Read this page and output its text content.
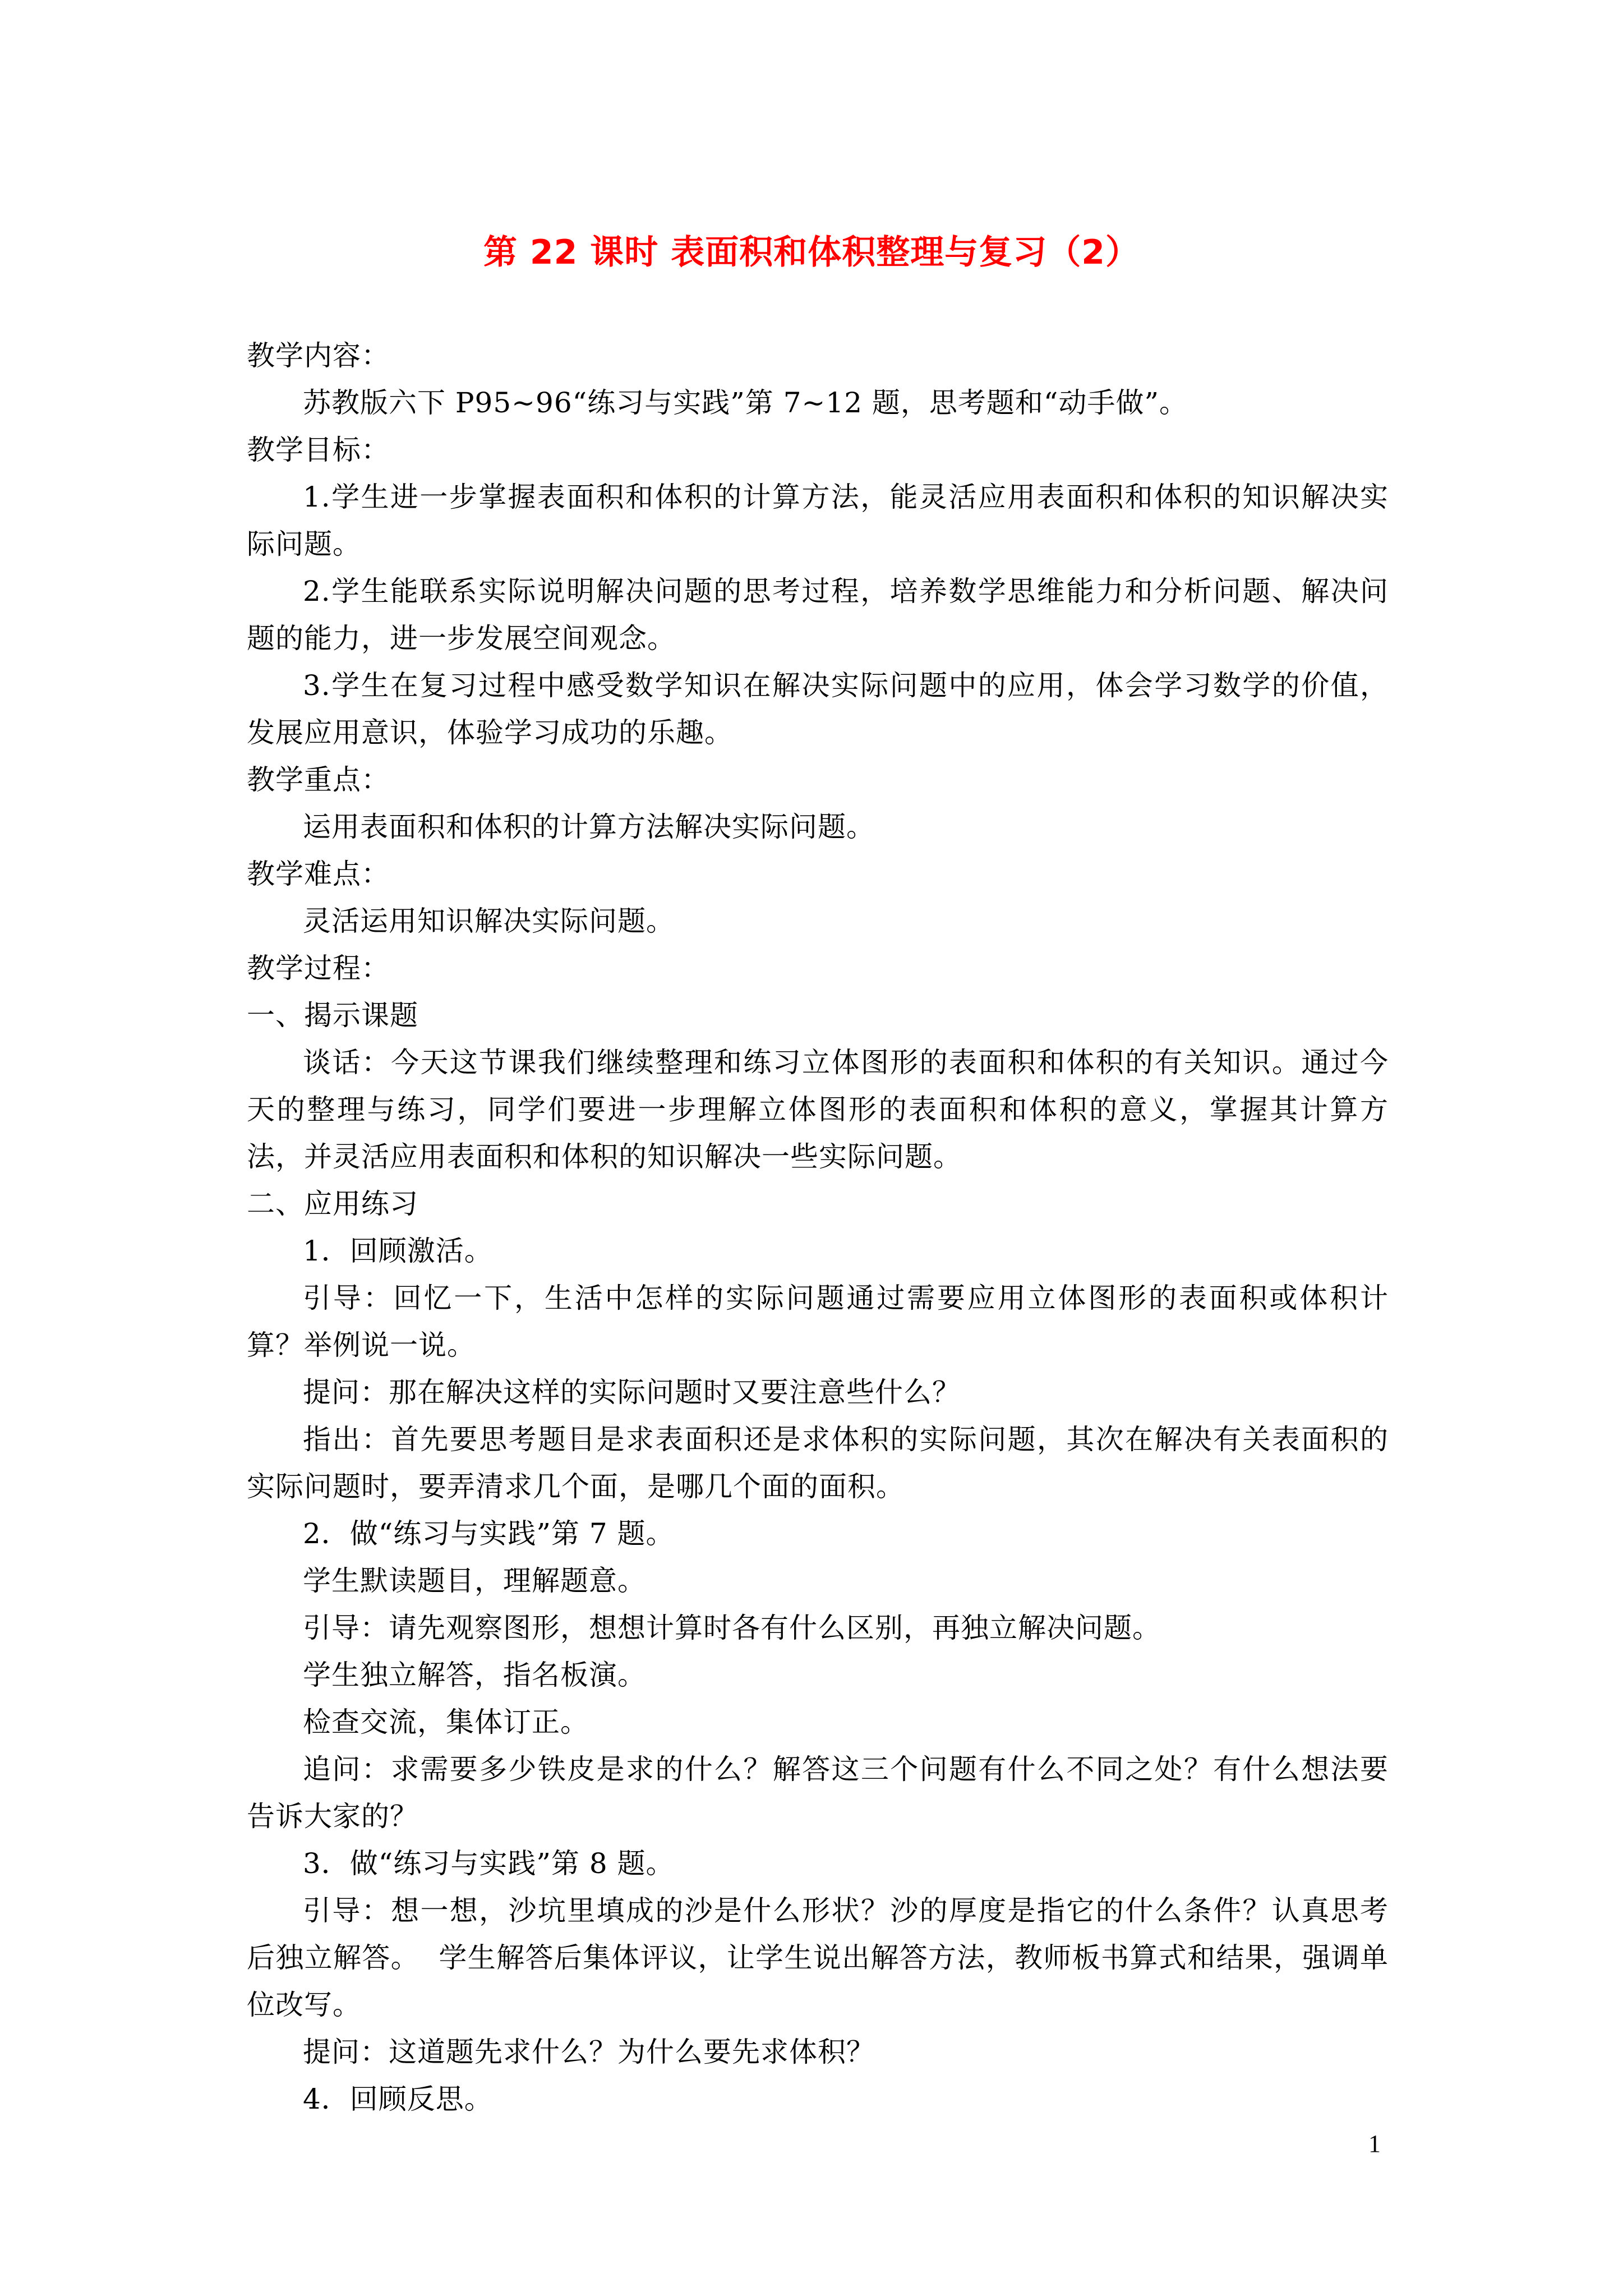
第 22 课时 表面积和体积整理与复习（2）

教学内容：

苏教版六下 P95~96“练习与实践”第 7~12 题，思考题和“动手做”。

教学目标：

1.学生进一步掌握表面积和体积的计算方法，能灵活应用表面积和体积的知识解决实际问题。

2.学生能联系实际说明解决问题的思考过程，培养数学思维能力和分析问题、解决问题的能力，进一步发展空间观念。

3.学生在复习过程中感受数学知识在解决实际问题中的应用，体会学习数学的价值，发展应用意识，体验学习成功的乐趣。

教学重点：

运用表面积和体积的计算方法解决实际问题。

教学难点：

灵活运用知识解决实际问题。

教学过程：

一、揭示课题

谈话：今天这节课我们继续整理和练习立体图形的表面积和体积的有关知识。通过今天的整理与练习，同学们要进一步理解立体图形的表面积和体积的意义，掌握其计算方法，并灵活应用表面积和体积的知识解决一些实际问题。

二、应用练习

1．回顾激活。

引导：回忆一下，生活中怎样的实际问题通过需要应用立体图形的表面积或体积计算？举例说一说。

提问：那在解决这样的实际问题时又要注意些什么？

指出：首先要思考题目是求表面积还是求体积的实际问题，其次在解决有关表面积的实际问题时，要弄清求几个面，是哪几个面的面积。

2．做“练习与实践”第 7 题。

学生默读题目，理解题意。

引导：请先观察图形，想想计算时各有什么区别，再独立解决问题。

学生独立解答，指名板演。

检查交流，集体订正。

追问：求需要多少铁皮是求的什么？解答这三个问题有什么不同之处？有什么想法要告诉大家的？

3．做“练习与实践”第 8 题。

引导：想一想，沙坑里填成的沙是什么形状？沙的厚度是指它的什么条件？认真思考后独立解答。  学生解答后集体评议，让学生说出解答方法，教师板书算式和结果，强调单位改写。

提问：这道题先求什么？为什么要先求体积？

4．回顾反思。

1
